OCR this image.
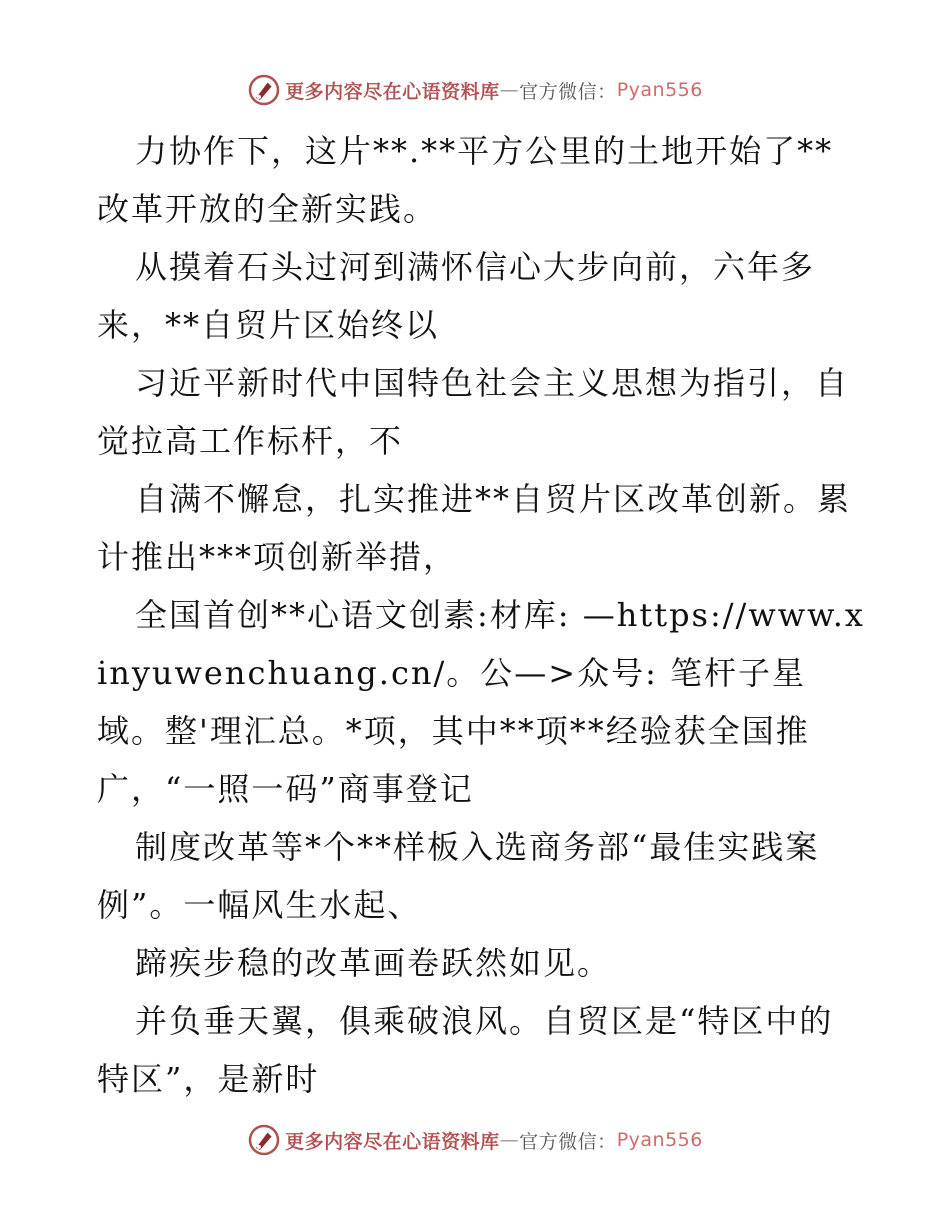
更多内容尽在心语资料库 — 官方微信： Pyan556

力协作下，这片**.**平方公里的土地开始了**改革开放的全新实践。

从摸着石头过河到满怀信心大步向前，六年多来，**自贸片区始终以

习近平新时代中国特色社会主义思想为指引，自觉拉高工作标杆，不

自满不懈怠，扎实推进**自贸片区改革创新。累计推出***项创新举措，

全国首创**心语文创素:材库: —https://www.xinyuwenchuang.cn/。公—>众号: 笔杆子星域。整'理汇总。*项，其中**项**经验获全国推广，“一照一码”商事登记

制度改革等*个**样板入选商务部“最佳实践案例”。一幅风生水起、

蹄疾步稳的改革画卷跃然如见。

并负垂天翼，俱乘破浪风。自贸区是“特区中的特区”，是新时

更多内容尽在心语资料库 — 官方微信： Pyan556
